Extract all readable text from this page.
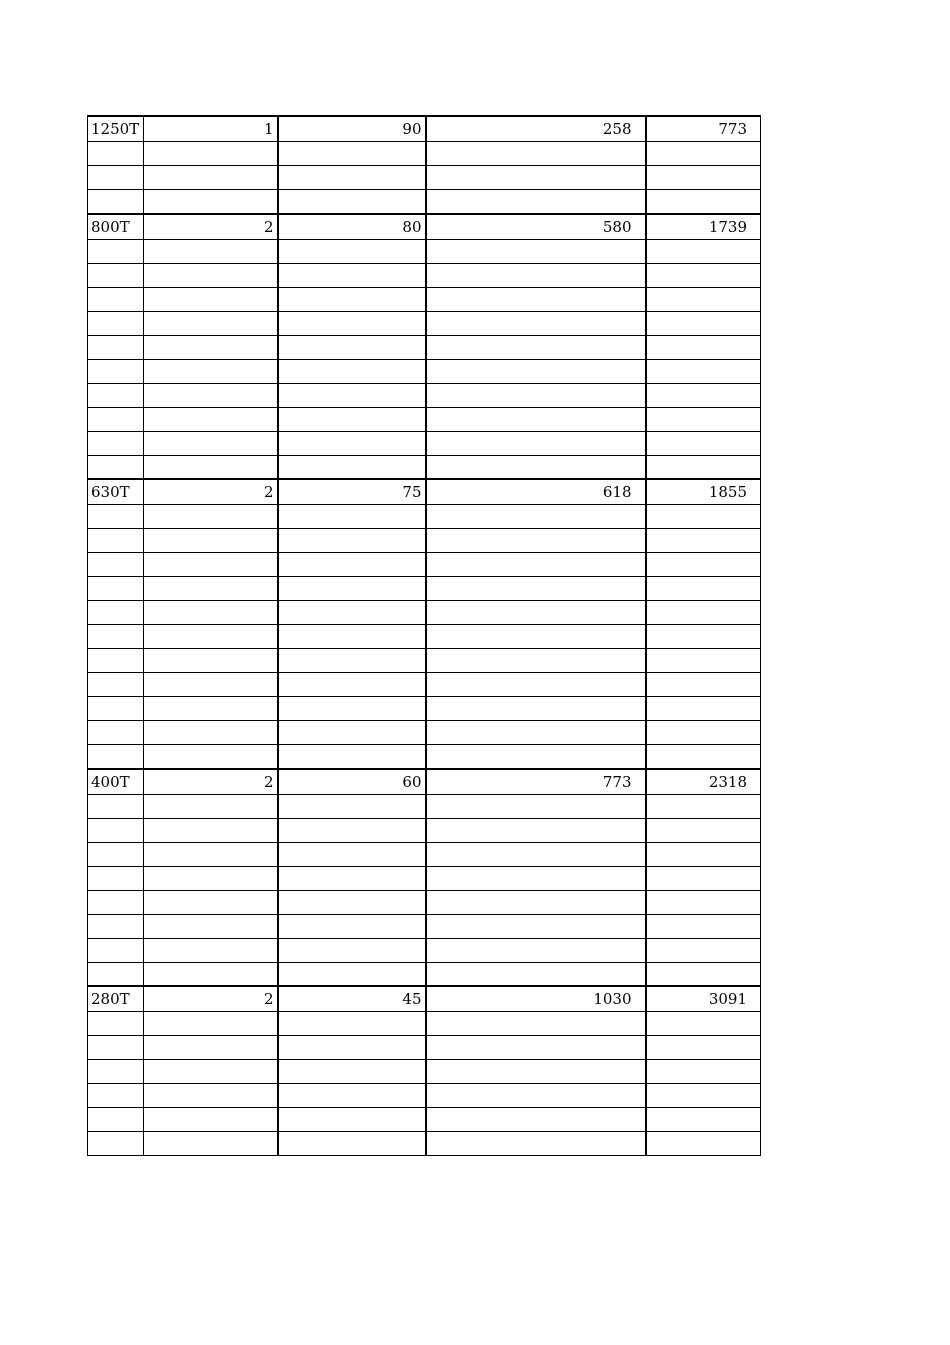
1250T	1	90	258	773

800T	2	80	580	1739

630T	2	75	618	1855

400T	2	60	773	2318

280T	2	45	1030	3091
